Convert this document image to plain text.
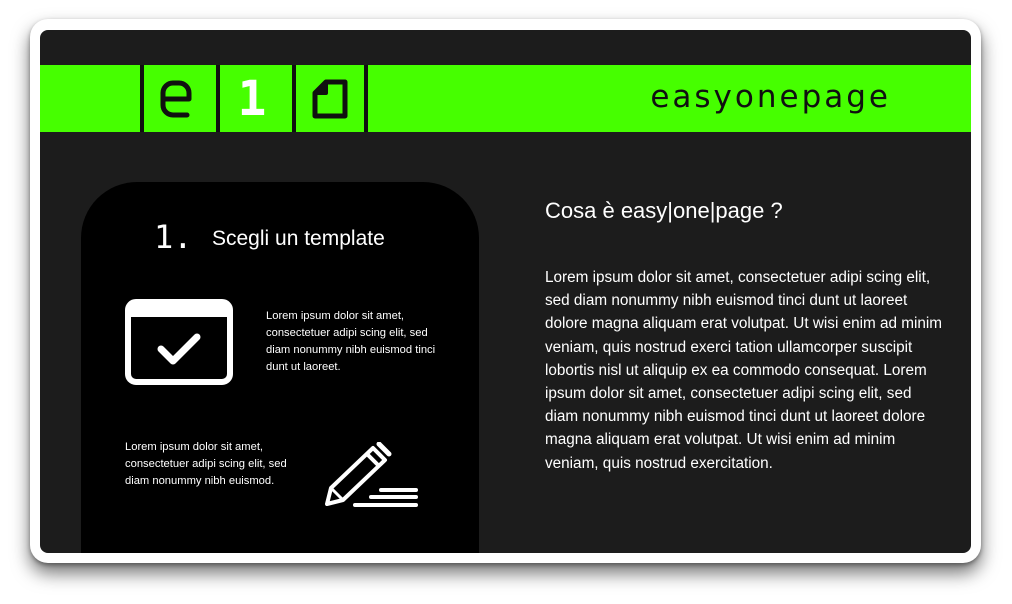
1	easyonepage
1. Scegli un template
Lorem ipsum dolor sit amet, consectetuer adipi scing elit, sed diam nonummy nibh euismod tinci dunt ut laoreet.
Lorem ipsum dolor sit amet, consectetuer adipi scing elit, sed diam nonummy nibh euismod.
Cosa è easy|one|page ?
Lorem ipsum dolor sit amet, consectetuer adipi scing elit, sed diam nonummy nibh euismod tinci dunt ut laoreet dolore magna aliquam erat volutpat. Ut wisi enim ad minim veniam, quis nostrud exerci tation ullamcorper suscipit lobortis nisl ut aliquip ex ea commodo consequat. Lorem ipsum dolor sit amet, consectetuer adipi scing elit, sed diam nonummy nibh euismod tinci dunt ut laoreet dolore magna aliquam erat volutpat. Ut wisi enim ad minim veniam, quis nostrud exercitation.
